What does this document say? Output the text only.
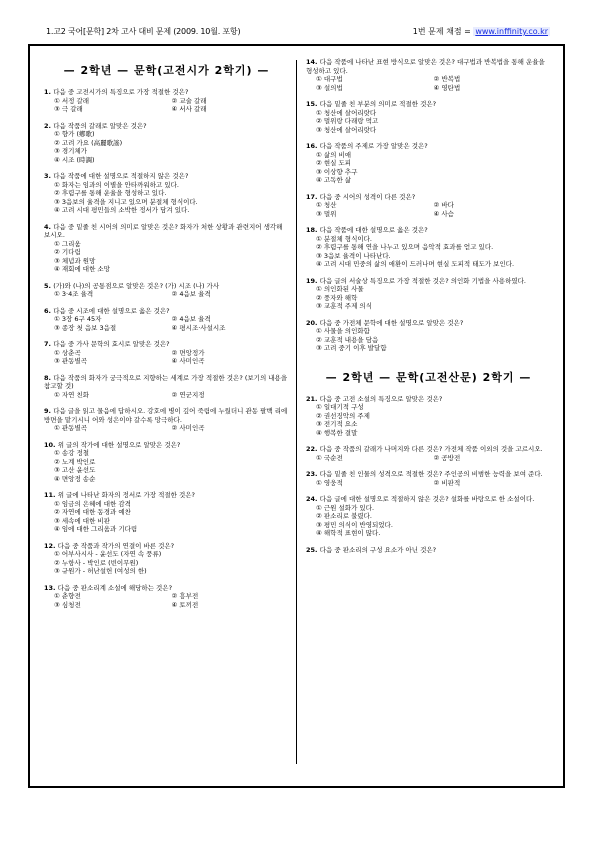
1.고2 국어[문학] 2차 고사 대비 문제 (2009. 10월. 포항)	1번 문제 채점 = www.inffinity.co.kr
— 2학년 — 문학(고전시가 2학기) —
1. 다음 중 고전시가의 특징으로 가장 적절한 것은?
① 서정 갈래	② 교술 갈래
③ 극 갈래	④ 서사 갈래
2. 다음 작품의 갈래로 알맞은 것은?
① 향가 (鄕歌)
② 고려 가요 (高麗歌謠)
③ 경기체가
④ 시조 (時調)
3. 다음 작품에 대한 설명으로 적절하지 않은 것은?
① 화자는 임과의 이별을 안타까워하고 있다.
② 후렴구를 통해 운율을 형성하고 있다.
③ 3음보의 율격을 지니고 있으며 분절체 형식이다.
④ 고려 시대 평민들의 소박한 정서가 담겨 있다.
4. 다음 중 밑줄 친 시어의 의미로 알맞은 것은? 화자가 처한 상황과 관련지어 생각해 보시오.
① 그리움
② 기다림
③ 체념과 원망
④ 재회에 대한 소망
5. (가)와 (나)의 공통점으로 알맞은 것은? (가) 시조 (나) 가사
① 3·4조 율격	② 4음보 율격
6. 다음 중 시조에 대한 설명으로 옳은 것은?
① 3장 6구 45자	② 4음보 율격
③ 종장 첫 음보 3음절	④ 평시조·사설시조
7. 다음 중 가사 문학의 효시로 알맞은 것은?
① 상춘곡	② 면앙정가
③ 관동별곡	④ 사미인곡
8. 다음 작품의 화자가 궁극적으로 지향하는 세계로 가장 적절한 것은? (보기의 내용을 참고할 것)
① 자연 친화	② 연군지정
9. 다음 글을 읽고 물음에 답하시오. 강호에 병이 깊어 죽림에 누웠더니 관동 팔백 리에 방면을 맡기시니 어와 성은이야 갈수록 망극하다.
① 관동별곡	② 사미인곡
10. 위 글의 작가에 대한 설명으로 알맞은 것은?
① 송강 정철
② 노계 박인로
③ 고산 윤선도
④ 면앙정 송순
11. 위 글에 나타난 화자의 정서로 가장 적절한 것은?
① 임금의 은혜에 대한 감격
② 자연에 대한 동경과 예찬
③ 세속에 대한 비판
④ 임에 대한 그리움과 기다림
12. 다음 중 작품과 작가의 연결이 바른 것은?
① 어부사시사 - 윤선도 (자연 속 풍류)
② 누항사 - 박인로 (빈이무원)
③ 규원가 - 허난설헌 (여성의 한)
13. 다음 중 판소리계 소설에 해당하는 것은?
① 춘향전	② 흥부전
③ 심청전	④ 토끼전
14. 다음 작품에 나타난 표현 방식으로 알맞은 것은? 대구법과 반복법을 통해 운율을 형성하고 있다.
① 대구법	② 반복법
③ 설의법	④ 영탄법
15. 다음 밑줄 친 부분의 의미로 적절한 것은?
① 청산에 살어리랏다
② 멀위랑 다래랑 먹고
③ 청산에 살어리랏다
16. 다음 작품의 주제로 가장 알맞은 것은?
① 삶의 비애
② 현실 도피
③ 이상향 추구
④ 고독한 삶
17. 다음 중 시어의 성격이 다른 것은?
① 청산	② 바다
③ 멀위	④ 사슴
18. 다음 작품에 대한 설명으로 옳은 것은?
① 분절체 형식이다.
② 후렴구를 통해 연을 나누고 있으며 음악적 효과를 얻고 있다.
③ 3음보 율격이 나타난다.
④ 고려 시대 민중의 삶의 애환이 드러나며 현실 도피적 태도가 보인다.
19. 다음 글의 서술상 특징으로 가장 적절한 것은? 의인화 기법을 사용하였다.
① 의인화된 사물
② 풍자와 해학
③ 교훈적 주제 의식
20. 다음 중 가전체 문학에 대한 설명으로 알맞은 것은?
① 사물을 의인화함
② 교훈적 내용을 담음
③ 고려 중기 이후 발달함
— 2학년 — 문학(고전산문) 2학기 —
21. 다음 중 고전 소설의 특징으로 알맞은 것은?
① 일대기적 구성
② 권선징악의 주제
③ 전기적 요소
④ 행복한 결말
22. 다음 중 작품의 갈래가 나머지와 다른 것은? 가전체 작품 이외의 것을 고르시오.
① 국순전	② 공방전
23. 다음 밑줄 친 인물의 성격으로 적절한 것은? 주인공의 비범한 능력을 보여 준다.
① 영웅적	② 비판적
24. 다음 글에 대한 설명으로 적절하지 않은 것은? 설화를 바탕으로 한 소설이다.
① 근원 설화가 있다.
② 판소리로 불렸다.
③ 평민 의식이 반영되었다.
④ 해학적 표현이 많다.
25. 다음 중 판소리의 구성 요소가 아닌 것은?
